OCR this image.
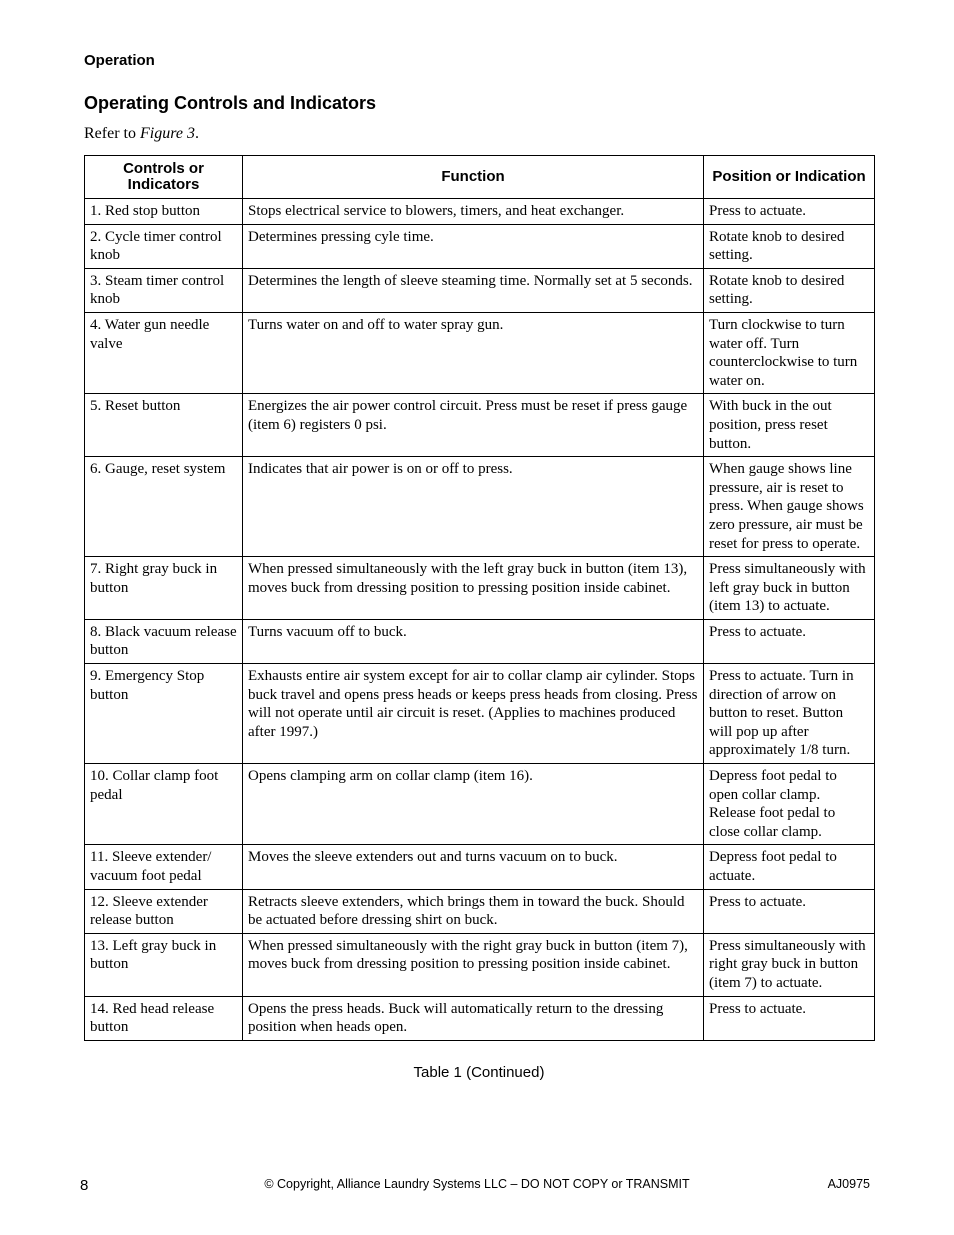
Operation
Operating Controls and Indicators
Refer to Figure 3.
Controls or Indicators	Function	Position or Indication
1. Red stop button	Stops electrical service to blowers, timers, and heat exchanger.	Press to actuate.
2. Cycle timer control knob	Determines pressing cyle time.	Rotate knob to desired setting.
3. Steam timer control knob	Determines the length of sleeve steaming time. Normally set at 5 seconds.	Rotate knob to desired setting.
4. Water gun needle valve	Turns water on and off to water spray gun.	Turn clockwise to turn water off. Turn counterclockwise to turn water on.
5. Reset button	Energizes the air power control circuit. Press must be reset if press gauge (item 6) registers 0 psi.	With buck in the out position, press reset button.
6. Gauge, reset system	Indicates that air power is on or off to press.	When gauge shows line pressure, air is reset to press. When gauge shows zero pressure, air must be reset for press to operate.
7. Right gray buck in button	When pressed simultaneously with the left gray buck in button (item 13), moves buck from dressing position to pressing position inside cabinet.	Press simultaneously with left gray buck in button (item 13) to actuate.
8. Black vacuum release button	Turns vacuum off to buck.	Press to actuate.
9. Emergency Stop button	Exhausts entire air system except for air to collar clamp air cylinder. Stops buck travel and opens press heads or keeps press heads from closing. Press will not operate until air circuit is reset. (Applies to machines produced after 1997.)	Press to actuate. Turn in direction of arrow on button to reset. Button will pop up after approximately 1/8 turn.
10. Collar clamp foot pedal	Opens clamping arm on collar clamp (item 16).	Depress foot pedal to open collar clamp. Release foot pedal to close collar clamp.
11. Sleeve extender/ vacuum foot pedal	Moves the sleeve extenders out and turns vacuum on to buck.	Depress foot pedal to actuate.
12. Sleeve extender release button	Retracts sleeve extenders, which brings them in toward the buck. Should be actuated before dressing shirt on buck.	Press to actuate.
13. Left gray buck in button	When pressed simultaneously with the right gray buck in button (item 7), moves buck from dressing position to pressing position inside cabinet.	Press simultaneously with right gray buck in button (item 7) to actuate.
14. Red head release button	Opens the press heads. Buck will automatically return to the dressing position when heads open.	Press to actuate.
Table 1 (Continued)
8	© Copyright, Alliance Laundry Systems LLC – DO NOT COPY or TRANSMIT	AJ0975
